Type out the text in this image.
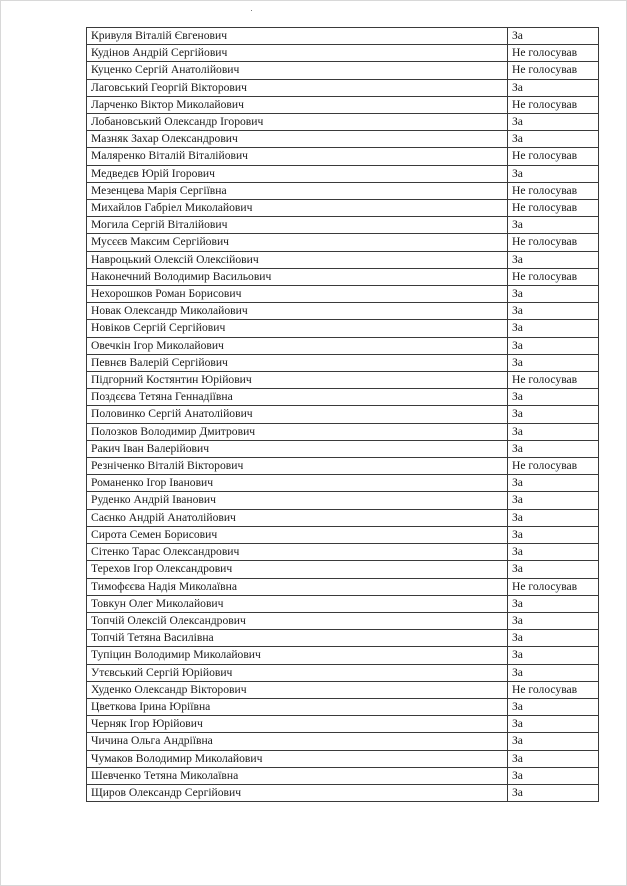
Кривуля Віталій Євгенович	За
Кудінов Андрій Сергійович	Не голосував
Куценко Сергій Анатолійович	Не голосував
Лаговський Георгій Вікторович	За
Ларченко Віктор Миколайович	Не голосував
Лобановський Олександр Ігорович	За
Мазняк Захар Олександрович	За
Маляренко Віталій Віталійович	Не голосував
Медведєв Юрій Ігорович	За
Мезенцева Марія Сергіївна	Не голосував
Михайлов Габріел Миколайович	Не голосував
Могила Сергій Віталійович	За
Мусєєв Максим Сергійович	Не голосував
Навроцький Олексій Олексійович	За
Наконечний Володимир Васильович	Не голосував
Нехорошков Роман Борисович	За
Новак Олександр Миколайович	За
Новіков Сергій Сергійович	За
Овечкін Ігор Миколайович	За
Певнєв Валерій Сергійович	За
Підгорний Костянтин Юрійович	Не голосував
Поздєєва Тетяна Геннадіївна	За
Половинко Сергій Анатолійович	За
Полозков Володимир Дмитрович	За
Ракич Іван Валерійович	За
Резніченко Віталій Вікторович	Не голосував
Романенко Ігор Іванович	За
Руденко Андрій Іванович	За
Саєнко Андрій Анатолійович	За
Сирота Семен Борисович	За
Сітенко Тарас Олександрович	За
Терехов Ігор Олександрович	За
Тимофєєва Надія Миколаївна	Не голосував
Товкун Олег Миколайович	За
Топчій Олексій Олександрович	За
Топчій Тетяна Василівна	За
Тупіцин Володимир Миколайович	За
Утєвський Сергій Юрійович	За
Худенко Олександр Вікторович	Не голосував
Цветкова Ірина Юріївна	За
Черняк Ігор Юрійович	За
Чичина Ольга Андріївна	За
Чумаков Володимир Миколайович	За
Шевченко Тетяна Миколаївна	За
Щиров Олександр Сергійович	За
